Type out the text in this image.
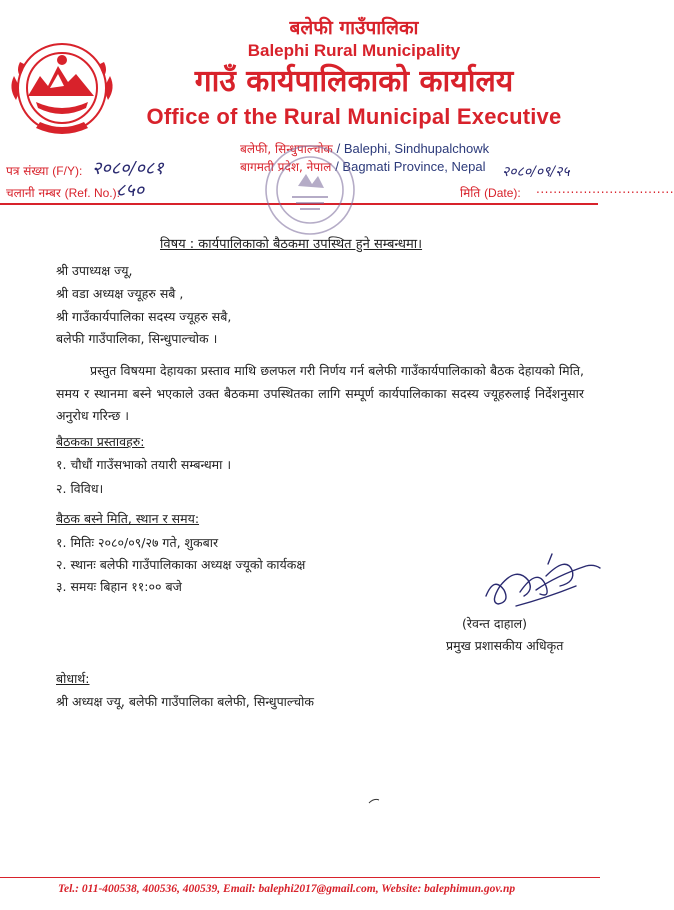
बलेफी गाउँपालिका
Balephi Rural Municipality
गाउँ कार्यपालिकाको कार्यालय
Office of the Rural Municipal Executive
बलेफी, सिन्धुपाल्चोक / Balephi, Sindhupalchowk
बागमती प्रदेश, नेपाल / Bagmati Province, Nepal
पत्र संख्या (F/Y): २०८०/०८१
चलानी नम्बर (Ref. No.):
८५०
२०८०/०९/२५
मिति (Date): ................................
विषय : कार्यपालिकाको बैठकमा उपस्थित हुने सम्बन्धमा।
श्री उपाध्यक्ष ज्यू,
श्री वडा अध्यक्ष ज्यूहरु सबै ,
श्री गाउँकार्यपालिका सदस्य ज्यूहरु सबै,
बलेफी गाउँपालिका, सिन्धुपाल्चोक ।
प्रस्तुत विषयमा देहायका प्रस्ताव माथि छलफल गरी निर्णय गर्न बलेफी गाउँकार्यपालिकाको बैठक देहायको मिति, समय र स्थानमा बस्ने भएकाले उक्त बैठकमा उपस्थितका लागि सम्पूर्ण कार्यपालिकाका सदस्य ज्यूहरुलाई निर्देशनुसार अनुरोध गरिन्छ ।
बैठकका प्रस्तावहरु:
१. चौधौं गाउँसभाको तयारी सम्बन्धमा ।
२. विविध।
बैठक बस्ने मिति, स्थान र समय:
१. मितिः २०८०/०९/२७ गते, शुकबार
२. स्थानः बलेफी गाउँपालिकाका अध्यक्ष ज्यूको कार्यकक्ष
३. समयः बिहान ११:०० बजे
(रेवन्त दाहाल)
प्रमुख प्रशासकीय अधिकृत
बोधार्थ:
श्री अध्यक्ष ज्यू, बलेफी गाउँपालिका बलेफी, सिन्धुपाल्चोक
Tel.: 011-400538, 400536, 400539, Email: balephi2017@gmail.com, Website: balephimun.gov.np
